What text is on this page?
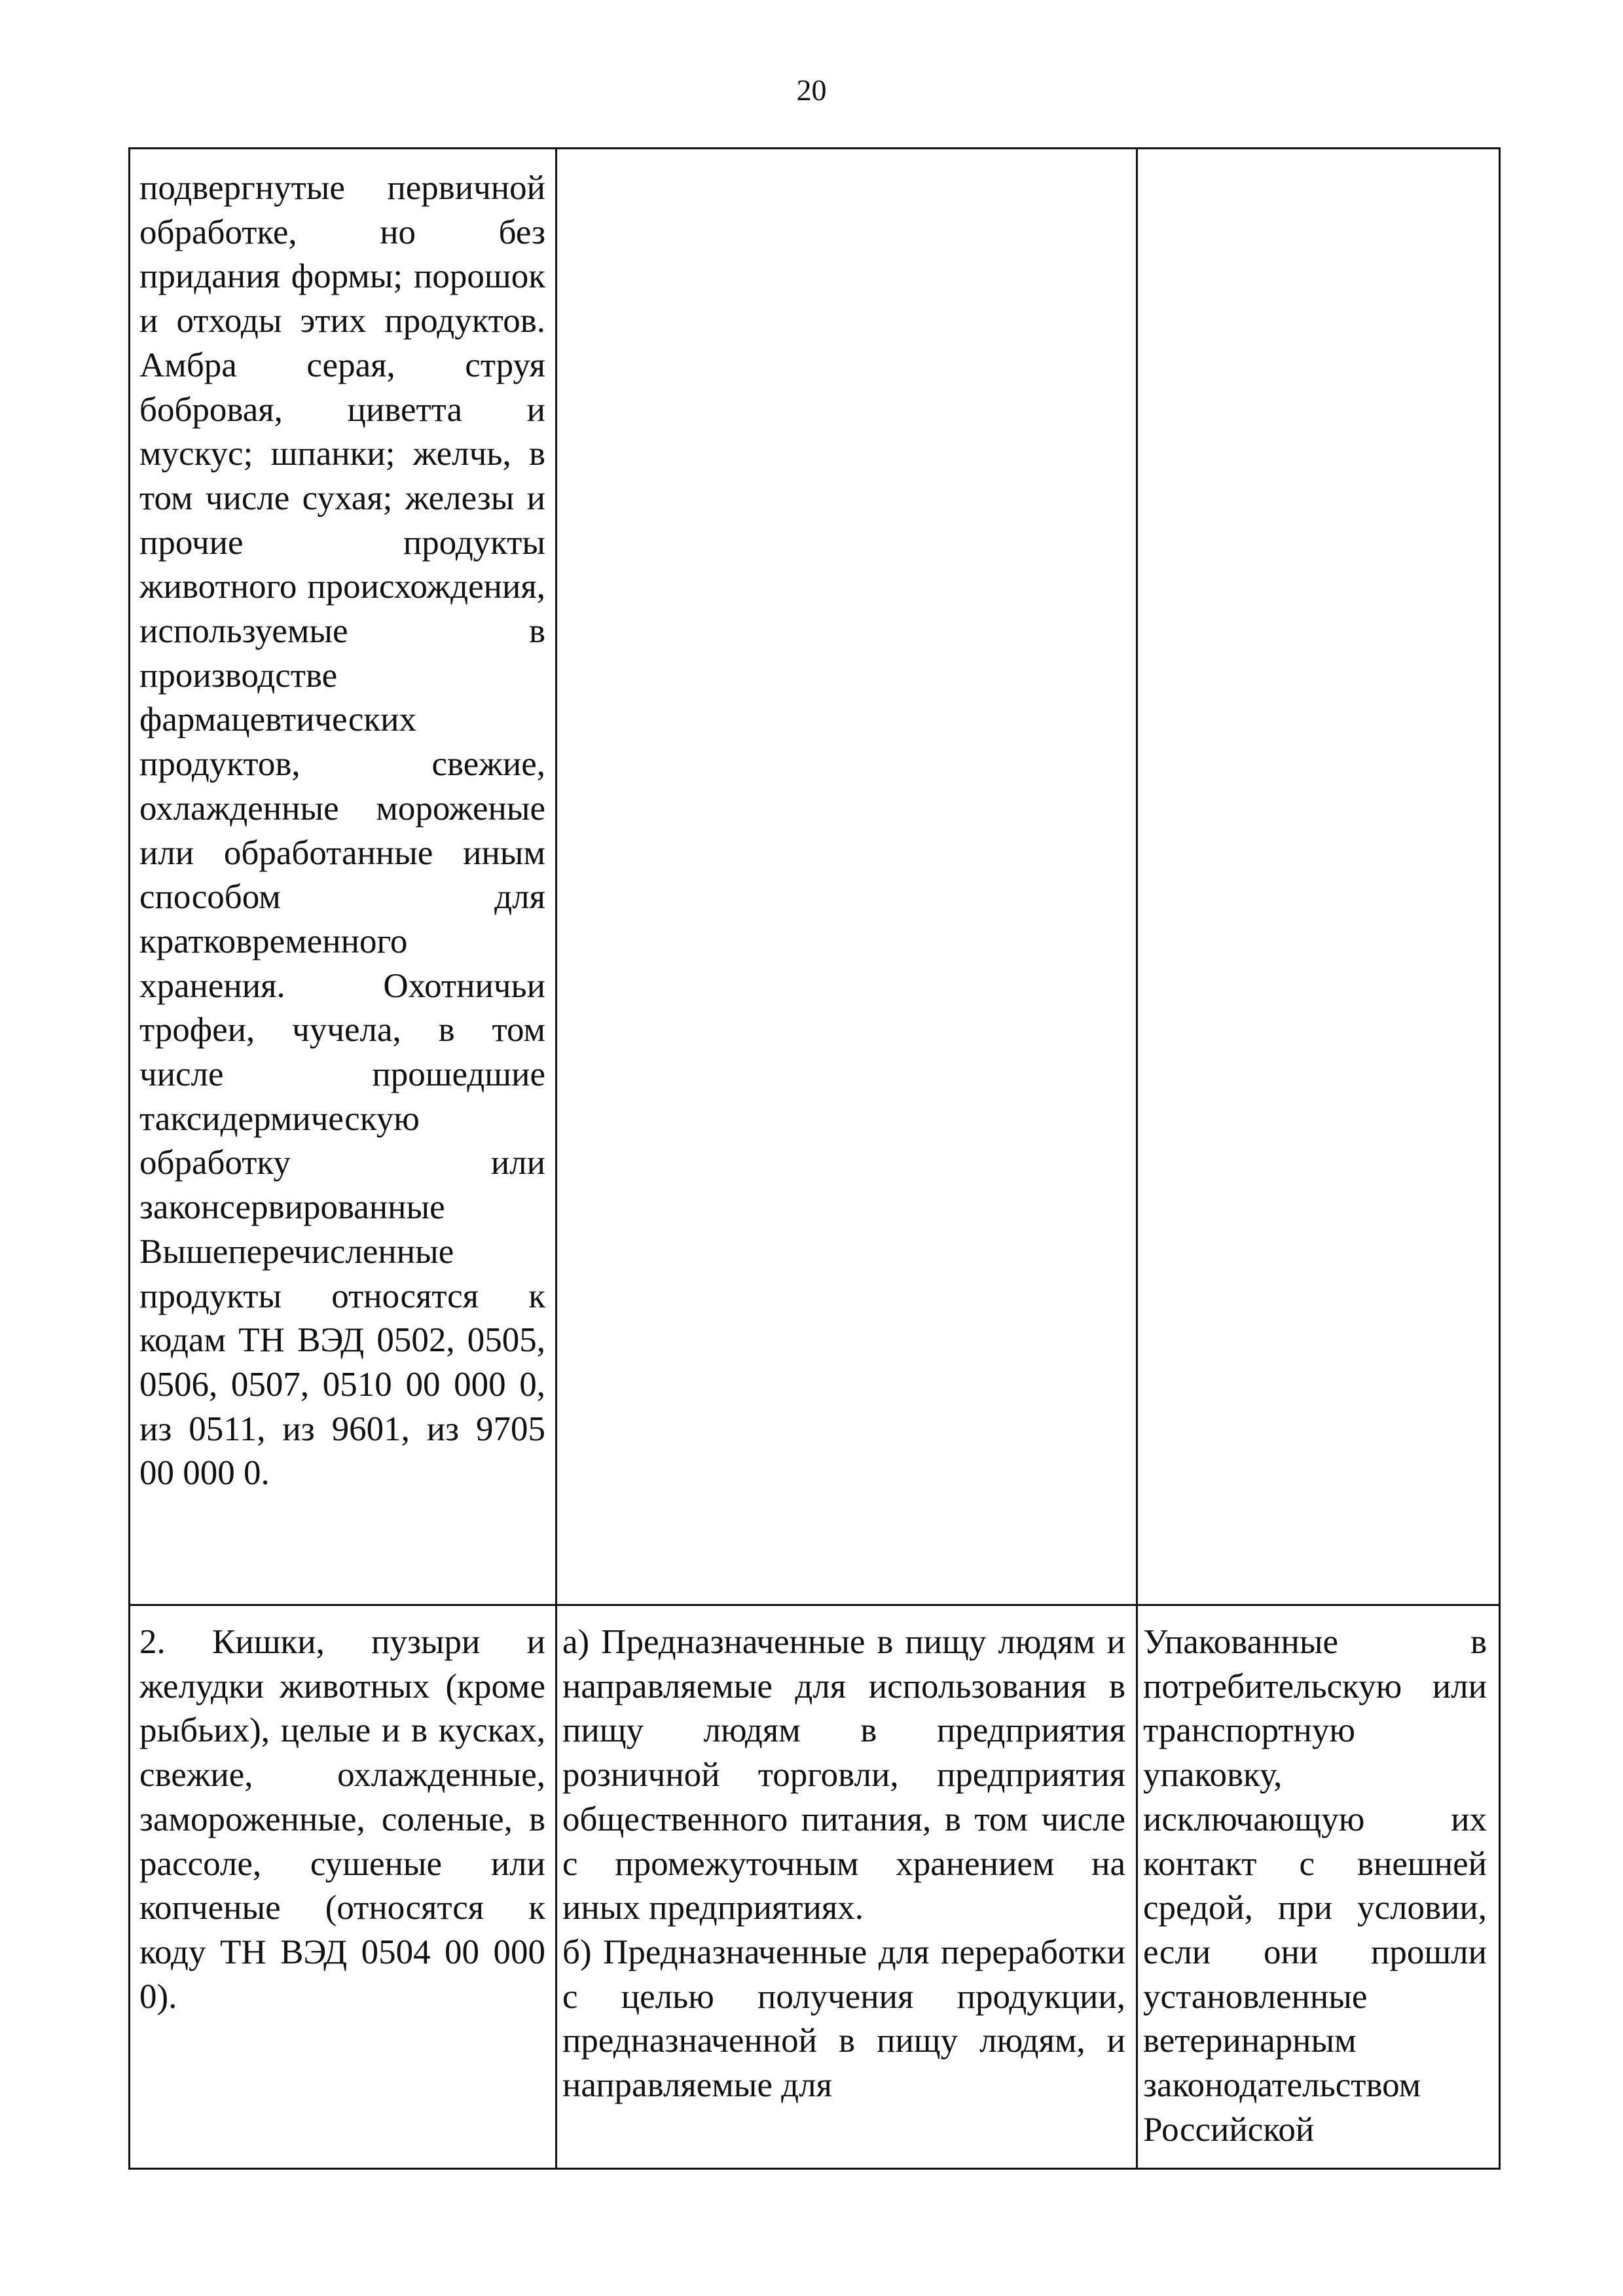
20

подвергнутые первичной обработке, но без придания формы; порошок и отходы этих продуктов. Амбра серая, струя бобровая, циветта и мускус; шпанки; желчь, в том числе сухая; железы и прочие продукты животного происхождения, используемые в производстве фармацевтических продуктов, свежие, охлажденные мороженые или обработанные иным способом для кратковременного хранения. Охотничьи трофеи, чучела, в том числе прошедшие таксидермическую обработку или законсервированные Вышеперечисленные продукты относятся к кодам ТН ВЭД 0502, 0505, 0506, 0507, 0510 00 000 0, из 0511, из 9601, из 9705 00 000 0.

2. Кишки, пузыри и желудки животных (кроме рыбьих), целые и в кусках, свежие, охлажденные, замороженные, соленые, в рассоле, сушеные или копченые (относятся к коду ТН ВЭД 0504 00 000 0).

а) Предназначенные в пищу людям и направляемые для использования в пищу людям в предприятия розничной торговли, предприятия общественного питания, в том числе с промежуточным хранением на иных предприятиях.

б) Предназначенные для переработки с целью получения продукции, предназначенной в пищу людям, и направляемые для

Упакованные в потребительскую или транспортную упаковку, исключающую их контакт с внешней средой, при условии, если они прошли установленные ветеринарным законодательством Российской
